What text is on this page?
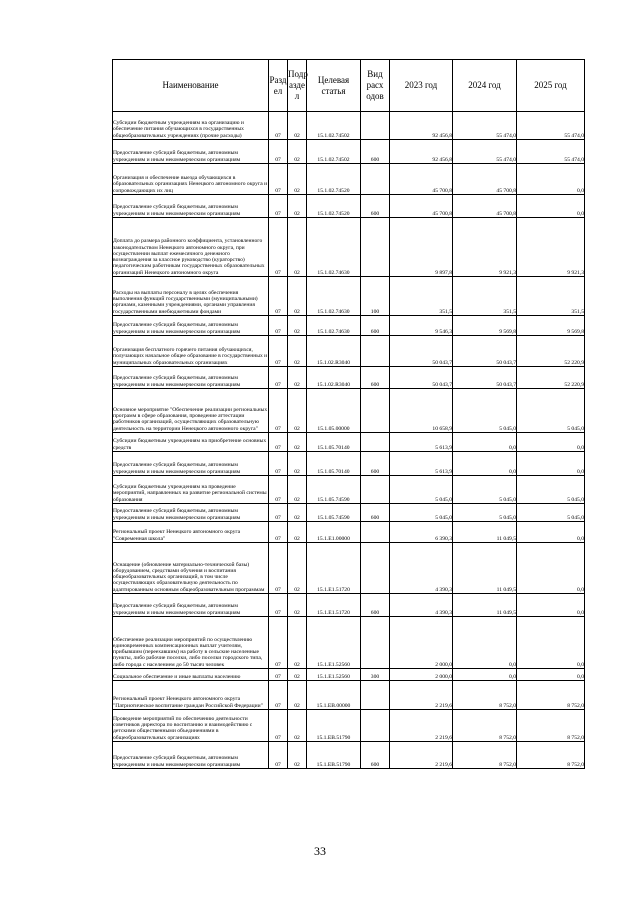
Наименование	Разд ел	Подр азде л	Целевая статья	Вид расх одов	2023 год	2024 год	2025 год
Субсидии бюджетным учреждениям на организацию и обеспечение питания обучающихся в государственных общеобразовательных учреждениях (прочие расходы)	07	02	15.1.02.74502		92 456,8	55 474,0	55 474,0
Предоставление субсидий бюджетным, автономным учреждениям и иным некоммерческим организациям	07	02	15.1.02.74502	600	92 456,8	55 474,0	55 474,0
Организация и обеспечение выезда обучающихся в образовательных организациях Ненецкого автономного округа и сопровождающих их лиц	07	02	15.1.02.74520		45 700,8	45 700,8	0,0
Предоставление субсидий бюджетным, автономным учреждениям и иным некоммерческим организациям	07	02	15.1.02.74520	600	45 700,8	45 700,8	0,0
Доплата до размера районного коэффициента, установленного законодательством Ненецкого автономного округа, при осуществлении выплат ежемесячного денежного вознаграждения за классное руководство (кураторство) педагогическим работникам государственных образовательных организаций Ненецкого автономного округа	07	02	15.1.02.74630		9 897,8	9 921,3	9 921,3
Расходы на выплаты персоналу в целях обеспечения выполнения функций государственными (муниципальными) органами, казенными учреждениями, органами управления государственными внебюджетными фондами	07	02	15.1.02.74630	100	351,5	351,5	351,5
Предоставление субсидий бюджетным, автономным учреждениям и иным некоммерческим организациям	07	02	15.1.02.74630	600	9 546,3	9 569,8	9 569,8
Организация бесплатного горячего питания обучающихся, получающих начальное общее образование в государственных и муниципальных образовательных организациях	07	02	15.1.02.R3040		50 043,7	50 043,7	52 220,9
Предоставление субсидий бюджетным, автономным учреждениям и иным некоммерческим организациям	07	02	15.1.02.R3040	600	50 043,7	50 043,7	52 220,9
Основное мероприятие "Обеспечение реализации региональных программ в сфере образования, проведение аттестации работников организаций, осуществляющих образовательную деятельность на территории Ненецкого автономного округа"	07	02	15.1.05.00000		10 658,9	5 045,0	5 045,0
Субсидии бюджетным учреждениям на приобретение основных средств	07	02	15.1.05.70140		5 613,9	0,0	0,0
Предоставление субсидий бюджетным, автономным учреждениям и иным некоммерческим организациям	07	02	15.1.05.70140	600	5 613,9	0,0	0,0
Субсидии бюджетным учреждениям на проведение мероприятий, направленных на развитие региональной системы образования	07	02	15.1.05.74590		5 045,0	5 045,0	5 045,0
Предоставление субсидий бюджетным, автономным учреждениям и иным некоммерческим организациям	07	02	15.1.05.74590	600	5 045,0	5 045,0	5 045,0
Региональный проект Ненецкого автономного округа "Современная школа"	07	02	15.1.E1.00000		6 390,3	11 049,5	0,0
Оснащение (обновление материально-технической базы) оборудованием, средствами обучения и воспитания общеобразовательных организаций, в том числе осуществляющих образовательную деятельность по адаптированным основным общеобразовательным программам	07	02	15.1.E1.51720		4 390,3	11 049,5	0,0
Предоставление субсидий бюджетным, автономным учреждениям и иным некоммерческим организациям	07	02	15.1.E1.51720	600	4 390,3	11 049,5	0,0
Обеспечение реализации мероприятий по осуществлению единовременных компенсационных выплат учителям, прибывшим (переехавшим) на работу в сельские населенные пункты, либо рабочие поселки, либо поселки городского типа, либо города с населением до 50 тысяч человек	07	02	15.1.E1.52560		2 000,0	0,0	0,0
Социальное обеспечение и иные выплаты населению	07	02	15.1.E1.52560	300	2 000,0	0,0	0,0
Региональный проект Ненецкого автономного округа "Патриотическое воспитание граждан Российской Федерации"	07	02	15.1.EB.00000		2 219,6	8 752,0	8 752,0
Проведение мероприятий по обеспечению деятельности советников директора по воспитанию и взаимодействию с детскими общественными объединениями в общеобразовательных организациях	07	02	15.1.EB.51790		2 219,6	8 752,0	8 752,0
Предоставление субсидий бюджетным, автономным учреждениям и иным некоммерческим организациям	07	02	15.1.EB.51790	600	2 219,6	8 752,0	8 752,0
33
